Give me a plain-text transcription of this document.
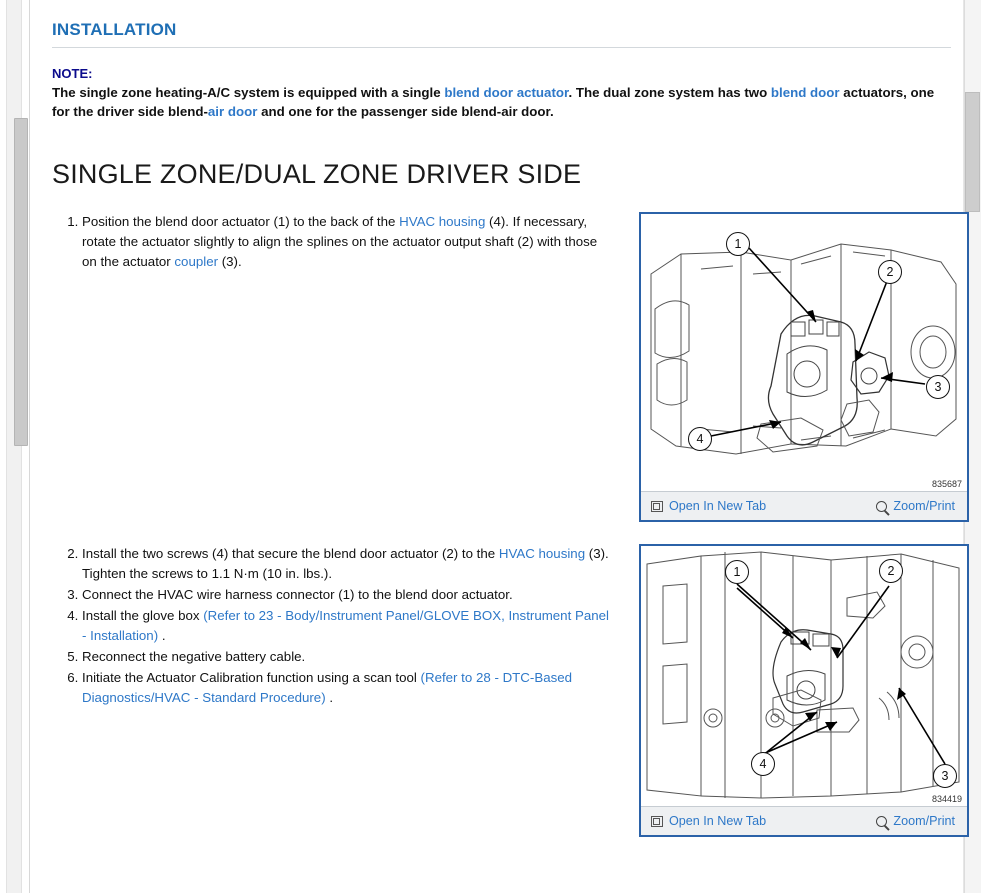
INSTALLATION
NOTE:
The single zone heating-A/C system is equipped with a single blend door actuator. The dual zone system has two blend door actuators, one for the driver side blend-air door and one for the passenger side blend-air door.
SINGLE ZONE/DUAL ZONE DRIVER SIDE
1. Position the blend door actuator (1) to the back of the HVAC housing (4). If necessary, rotate the actuator slightly to align the splines on the actuator output shaft (2) with those on the actuator coupler (3).
2. Install the two screws (4) that secure the blend door actuator (2) to the HVAC housing (3). Tighten the screws to 1.1 N·m (10 in. lbs.).
3. Connect the HVAC wire harness connector (1) to the blend door actuator.
4. Install the glove box (Refer to 23 - Body/Instrument Panel/GLOVE BOX, Instrument Panel - Installation) .
5. Reconnect the negative battery cable.
6. Initiate the Actuator Calibration function using a scan tool (Refer to 28 - DTC-Based Diagnostics/HVAC - Standard Procedure) .
1
2
3
4
835687
Open In New Tab	Zoom/Print
1	2
3
4
834419
Open In New Tab	Zoom/Print
